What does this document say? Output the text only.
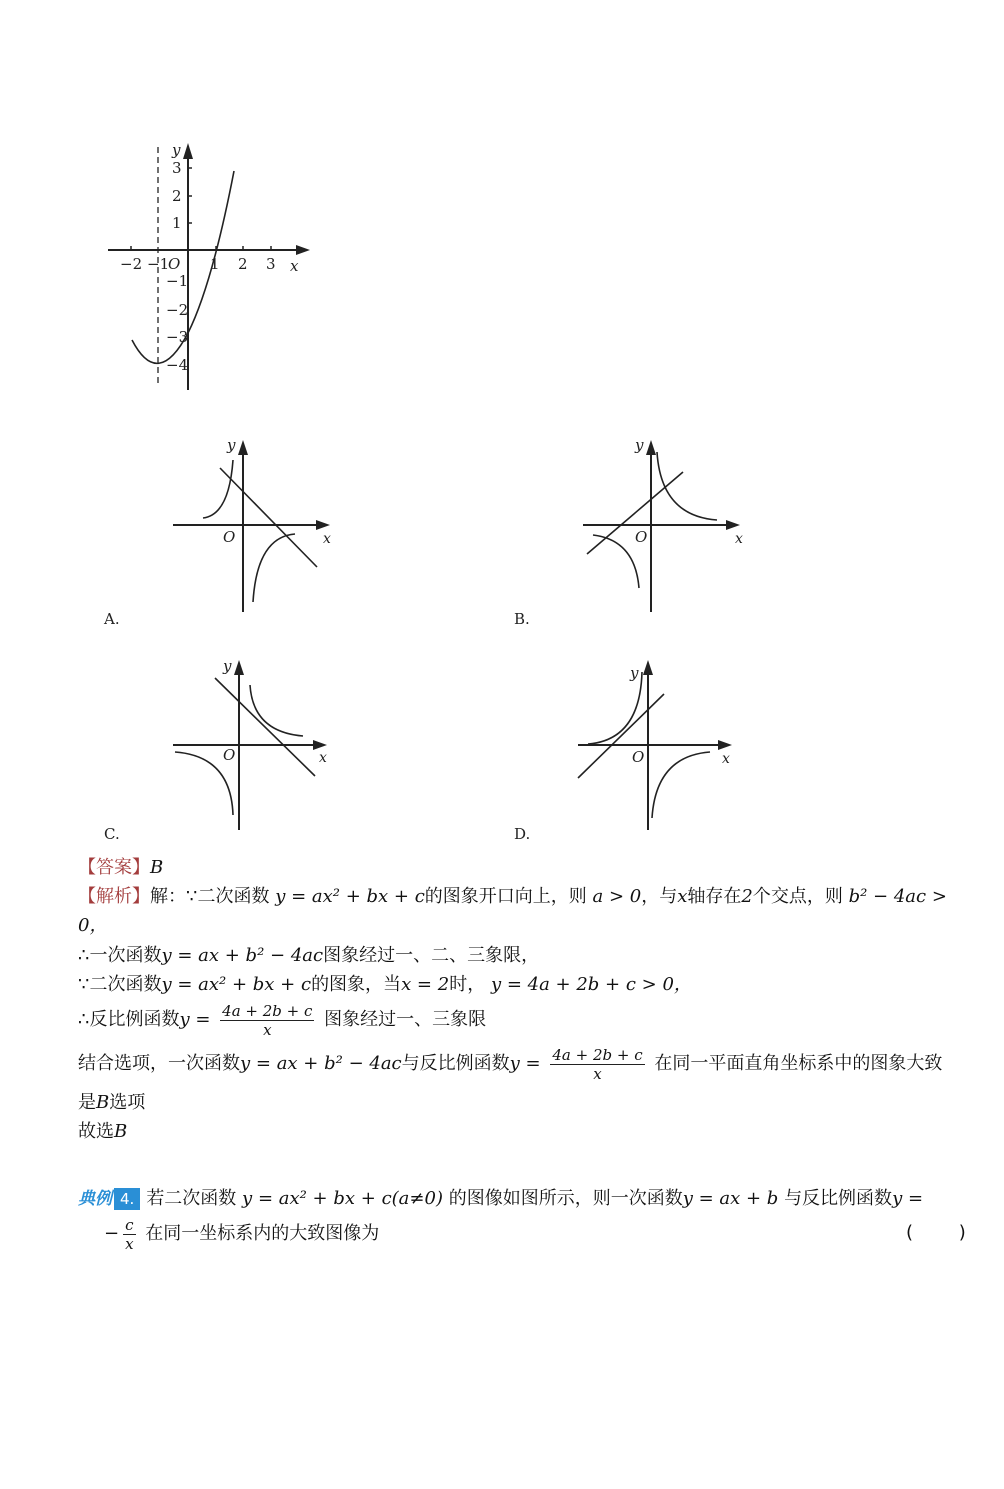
−2 −1
O 1 2 3 x
y
3
2
1
−1
−2
−3
−4
O	x
y
A.
O	x
y
B.
O	x
y
C.
O	x
y
D.
【答案】B
【解析】解：∵二次函数 y = ax² + bx + c的图象开口向上，则 a > 0，与x轴存在2个交点，则 b² − 4ac >
0，
∴一次函数y = ax + b² − 4ac图象经过一、二、三象限，
∵二次函数y = ax² + bx + c的图象，当x = 2时， y = 4a + 2b + c > 0，
∴反比例函数$y = \frac{4a + 2b + c}{x}$ 图象经过一、三象限
结合选项，一次函数y = ax + b² − 4ac与反比例函数$y = \frac{4a + 2b + c}{x}$ 在同一平面直角坐标系中的图象大致
是B选项
故选B
典例 4. 若二次函数 y = ax² + bx + c(a≠0) 的图像如图所示，则一次函数y = ax + b 与反比例函数y =
− $\frac{c}{x}$ 在同一坐标系内的大致图像为	(        )
